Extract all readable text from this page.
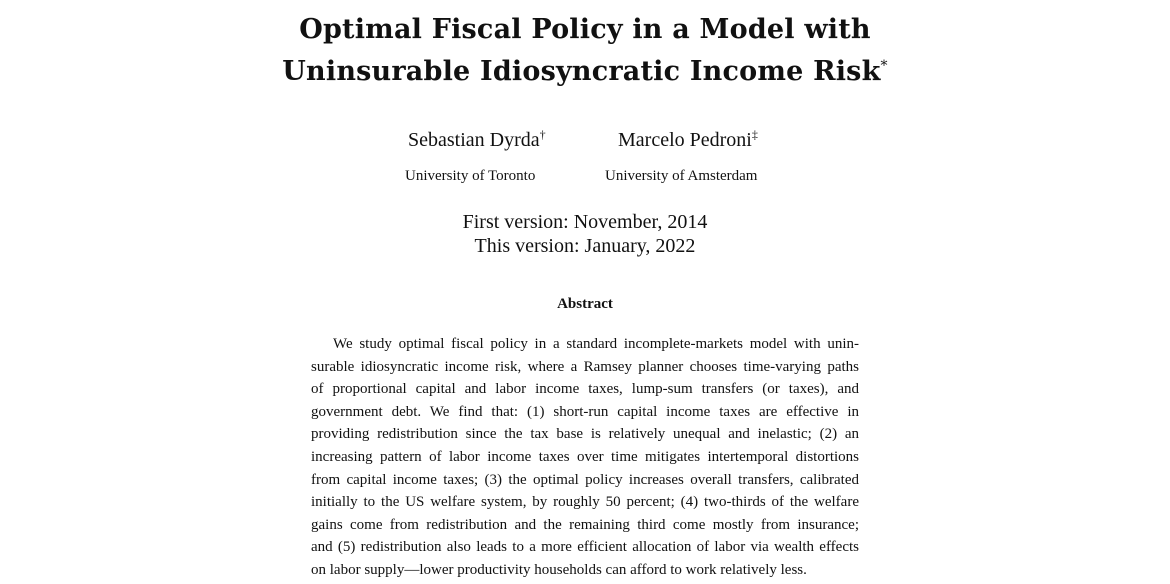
Optimal Fiscal Policy in a Model with
Uninsurable Idiosyncratic Income Risk*
Sebastian Dyrda†	Marcelo Pedroni‡
University of Toronto	University of Amsterdam
First version: November, 2014
This version: January, 2022
Abstract
We study optimal fiscal policy in a standard incomplete-markets model with unin-
surable idiosyncratic income risk, where a Ramsey planner chooses time-varying paths
of proportional capital and labor income taxes, lump-sum transfers (or taxes), and
government debt. We find that: (1) short-run capital income taxes are effective in
providing redistribution since the tax base is relatively unequal and inelastic; (2) an
increasing pattern of labor income taxes over time mitigates intertemporal distortions
from capital income taxes; (3) the optimal policy increases overall transfers, calibrated
initially to the US welfare system, by roughly 50 percent; (4) two-thirds of the welfare
gains come from redistribution and the remaining third come mostly from insurance;
and (5) redistribution also leads to a more efficient allocation of labor via wealth effects
on labor supply—lower productivity households can afford to work relatively less.
